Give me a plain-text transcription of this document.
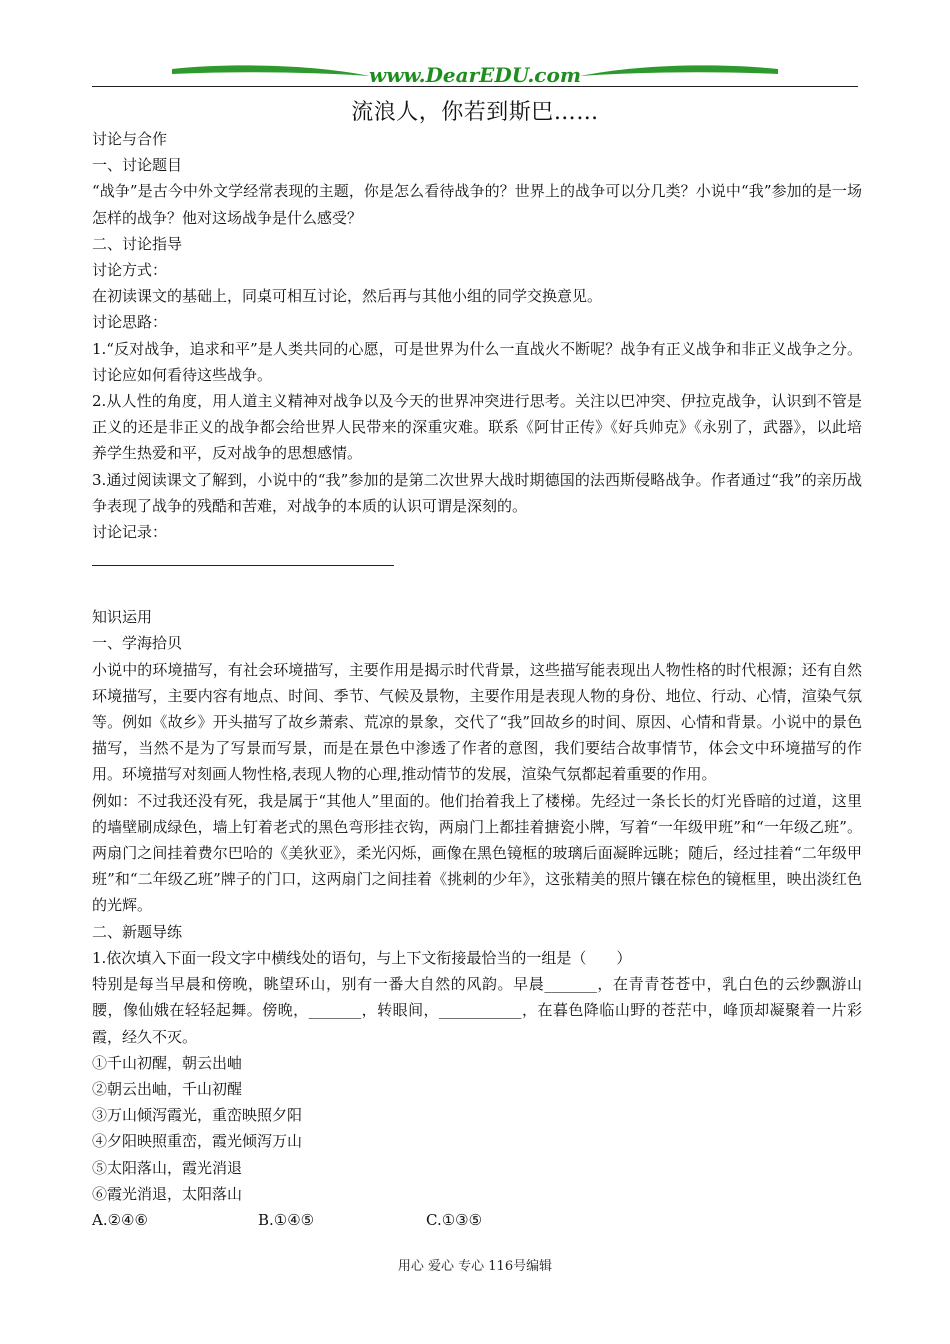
www.DearEDU.com
流浪人，你若到斯巴……

讨论与合作

一、讨论题目

“战争”是古今中外文学经常表现的主题，你是怎么看待战争的？世界上的战争可以分几类？小说中“我”参加的是一场怎样的战争？他对这场战争是什么感受？

二、讨论指导

讨论方式：

在初读课文的基础上，同桌可相互讨论，然后再与其他小组的同学交换意见。

讨论思路：

1.“反对战争，追求和平”是人类共同的心愿，可是世界为什么一直战火不断呢？战争有正义战争和非正义战争之分。讨论应如何看待这些战争。

2.从人性的角度，用人道主义精神对战争以及今天的世界冲突进行思考。关注以巴冲突、伊拉克战争，认识到不管是正义的还是非正义的战争都会给世界人民带来的深重灾难。联系《阿甘正传》《好兵帅克》《永别了，武器》，以此培养学生热爱和平，反对战争的思想感情。

3.通过阅读课文了解到，小说中的“我”参加的是第二次世界大战时期德国的法西斯侵略战争。作者通过“我”的亲历战争表现了战争的残酷和苦难，对战争的本质的认识可谓是深刻的。

讨论记录：

知识运用

一、学海拾贝

小说中的环境描写，有社会环境描写，主要作用是揭示时代背景，这些描写能表现出人物性格的时代根源；还有自然环境描写，主要内容有地点、时间、季节、气候及景物，主要作用是表现人物的身份、地位、行动、心情，渲染气氛等。例如《故乡》开头描写了故乡萧索、荒凉的景象，交代了“我”回故乡的时间、原因、心情和背景。小说中的景色描写，当然不是为了写景而写景，而是在景色中渗透了作者的意图，我们要结合故事情节，体会文中环境描写的作用。环境描写对刻画人物性格,表现人物的心理,推动情节的发展，渲染气氛都起着重要的作用。

例如：不过我还没有死，我是属于“其他人”里面的。他们抬着我上了楼梯。先经过一条长长的灯光昏暗的过道，这里的墙壁刷成绿色，墙上钉着老式的黑色弯形挂衣钩，两扇门上都挂着搪瓷小牌，写着“一年级甲班”和“一年级乙班”。两扇门之间挂着费尔巴哈的《美狄亚》，柔光闪烁，画像在黑色镜框的玻璃后面凝眸远眺；随后，经过挂着“二年级甲班”和“二年级乙班”牌子的门口，这两扇门之间挂着《挑刺的少年》，这张精美的照片镶在棕色的镜框里，映出淡红色的光辉。

二、新题导练

1.依次填入下面一段文字中横线处的语句，与上下文衔接最恰当的一组是（　　）

特别是每当早晨和傍晚，眺望环山，别有一番大自然的风韵。早晨_______，在青青苍苍中，乳白色的云纱飘游山腰，像仙娥在轻轻起舞。傍晚，_______，转眼间，___________，在暮色降临山野的苍茫中，峰顶却凝聚着一片彩霞，经久不灭。

①千山初醒，朝云出岫

②朝云出岫，千山初醒

③万山倾泻霞光，重峦映照夕阳

④夕阳映照重峦，霞光倾泻万山

⑤太阳落山，霞光消退

⑥霞光消退，太阳落山

A.②④⑥	B.①④⑤	C.①③⑤
用心 爱心 专心 116号编辑
